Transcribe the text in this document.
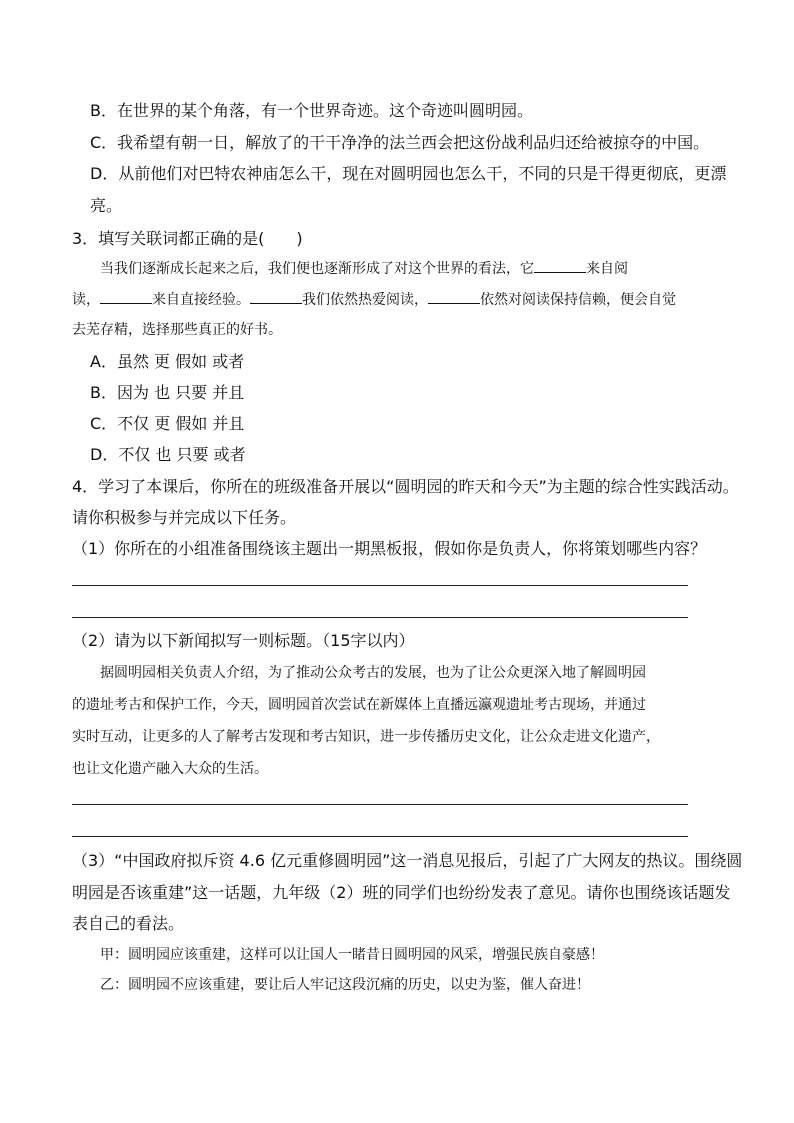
B．在世界的某个角落，有一个世界奇迹。这个奇迹叫圆明园。
C．我希望有朝一日，解放了的干干净净的法兰西会把这份战利品归还给被掠夺的中国。
D．从前他们对巴特农神庙怎么干，现在对圆明园也怎么干，不同的只是干得更彻底，更漂
亮。
3．填写关联词都正确的是(　　)
当我们逐渐成长起来之后，我们便也逐渐形成了对这个世界的看法，它	来自阅
读，	来自直接经验。	我们依然热爱阅读，	依然对阅读保持信赖，便会自觉
去芜存精，选择那些真正的好书。
A．虽然 更 假如 或者
B．因为 也 只要 并且
C．不仅 更 假如 并且
D．不仅 也 只要 或者
4．学习了本课后，你所在的班级准备开展以“圆明园的昨天和今天”为主题的综合性实践活动。
请你积极参与并完成以下任务。
（1）你所在的小组准备围绕该主题出一期黑板报，假如你是负责人，你将策划哪些内容？
（2）请为以下新闻拟写一则标题。（15字以内）
据圆明园相关负责人介绍，为了推动公众考古的发展，也为了让公众更深入地了解圆明园
的遗址考古和保护工作，今天，圆明园首次尝试在新媒体上直播远瀛观遗址考古现场，并通过
实时互动，让更多的人了解考古发现和考古知识，进一步传播历史文化，让公众走进文化遗产，
也让文化遗产融入大众的生活。
（3）“中国政府拟斥资 4.6 亿元重修圆明园”这一消息见报后，引起了广大网友的热议。围绕圆
明园是否该重建”这一话题，九年级（2）班的同学们也纷纷发表了意见。请你也围绕该话题发
表自己的看法。
甲：圆明园应该重建，这样可以让国人一睹昔日圆明园的风采，增强民族自豪感！
乙：圆明园不应该重建，要让后人牢记这段沉痛的历史，以史为鉴，催人奋进！
